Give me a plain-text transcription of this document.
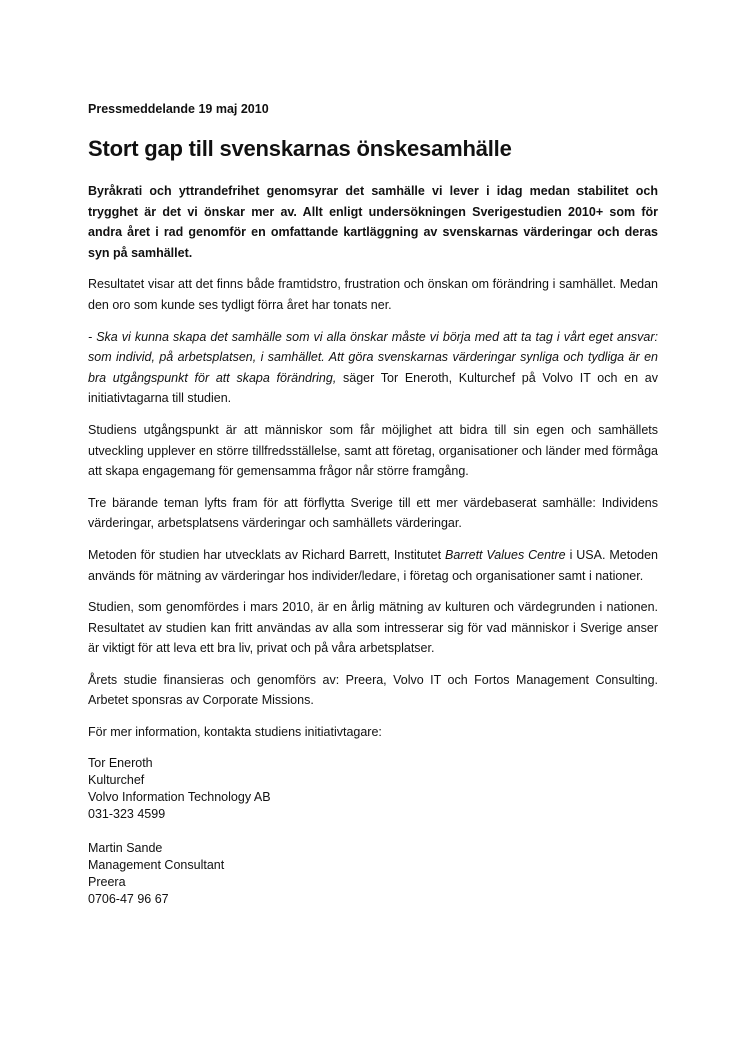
Pressmeddelande 19 maj 2010
Stort gap till svenskarnas önskesamhälle

Byråkrati och yttrandefrihet genomsyrar det samhälle vi lever i idag medan stabilitet och trygghet är det vi önskar mer av. Allt enligt undersökningen Sverigestudien 2010+ som för andra året i rad genomför en omfattande kartläggning av svenskarnas värderingar och deras syn på samhället.

Resultatet visar att det finns både framtidstro, frustration och önskan om förändring i samhället. Medan den oro som kunde ses tydligt förra året har tonats ner.

- Ska vi kunna skapa det samhälle som vi alla önskar måste vi börja med att ta tag i vårt eget ansvar: som individ, på arbetsplatsen, i samhället. Att göra svenskarnas värderingar synliga och tydliga är en bra utgångspunkt för att skapa förändring, säger Tor Eneroth, Kulturchef på Volvo IT och en av initiativtagarna till studien.

Studiens utgångspunkt är att människor som får möjlighet att bidra till sin egen och samhällets utveckling upplever en större tillfredsställelse, samt att företag, organisationer och länder med förmåga att skapa engagemang för gemensamma frågor når större framgång.

Tre bärande teman lyfts fram för att förflytta Sverige till ett mer värdebaserat samhälle: Individens värderingar, arbetsplatsens värderingar och samhällets värderingar.

Metoden för studien har utvecklats av Richard Barrett, Institutet Barrett Values Centre i USA. Metoden används för mätning av värderingar hos individer/ledare, i företag och organisationer samt i nationer.

Studien, som genomfördes i mars 2010, är en årlig mätning av kulturen och värdegrunden i nationen. Resultatet av studien kan fritt användas av alla som intresserar sig för vad människor i Sverige anser är viktigt för att leva ett bra liv, privat och på våra arbetsplatser.

Årets studie finansieras och genomförs av: Preera, Volvo IT och Fortos Management Consulting. Arbetet sponsras av Corporate Missions.

För mer information, kontakta studiens initiativtagare:
Tor Eneroth
Kulturchef
Volvo Information Technology AB
031-323 4599
Martin Sande
Management Consultant
Preera
0706-47 96 67
